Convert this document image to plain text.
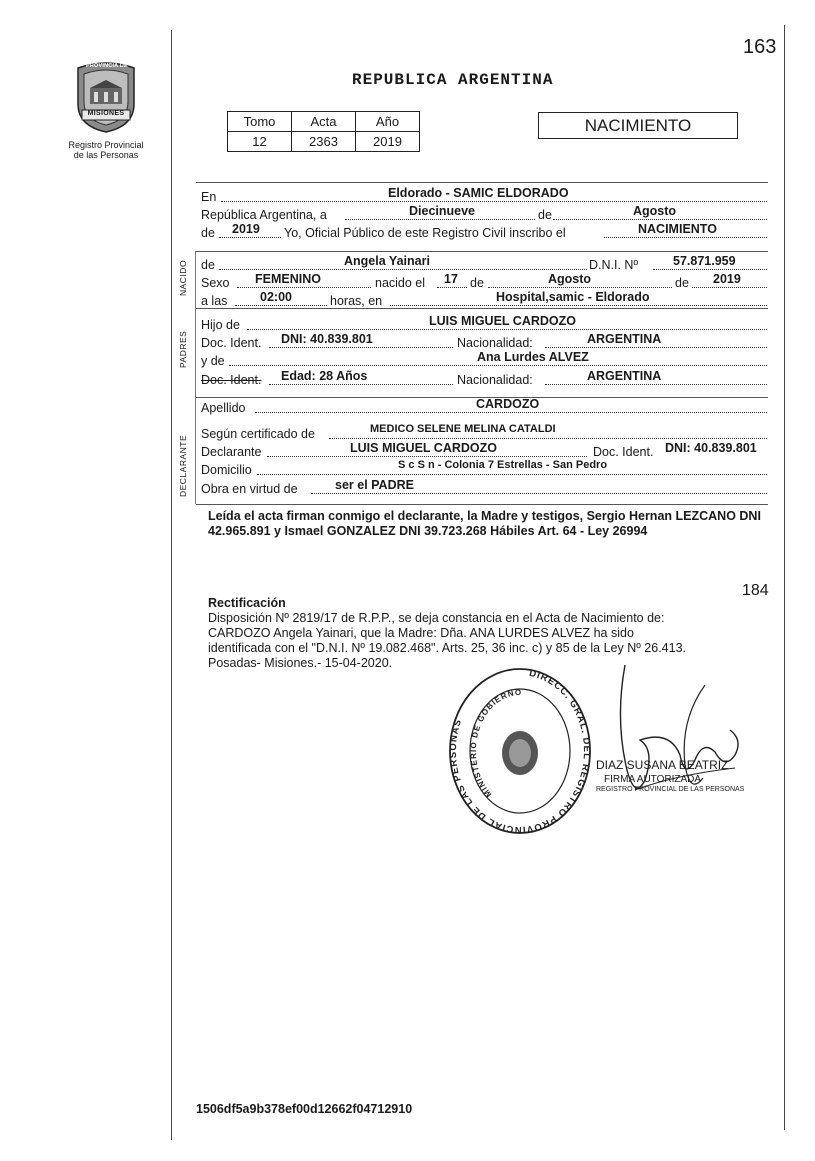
163
PROVINCIA DE
MISIONES
Registro Provincial
de las Personas
REPUBLICA ARGENTINA
Tomo	Acta	Año
12	2363	2019
NACIMIENTO
NACIDO
PADRES
DECLARANTE
En	Eldorado - SAMIC ELDORADO
República Argentina, a	Diecinueve	de	Agosto
de 2019 Yo, Oficial Público de este Registro Civil inscribo el	NACIMIENTO
de	Angela Yainari	D.N.I. Nº	57.871.959
Sexo FEMENINO	nacido el 17 de	Agosto	de 2019
a las	02:00	horas, en	Hospital,samic - Eldorado
Hijo de	LUIS MIGUEL CARDOZO
Doc. Ident. DNI: 40.839.801	Nacionalidad:	ARGENTINA
y de	Ana Lurdes ALVEZ
Doc. Ident. Edad: 28 Años	Nacionalidad:	ARGENTINA
Apellido	CARDOZO
Según certificado de	MEDICO SELENE MELINA CATALDI
Declarante	LUIS MIGUEL CARDOZO	Doc. Ident. DNI: 40.839.801
Domicilio	S c S n - Colonia 7 Estrellas - San Pedro
Obra en virtud de	ser el PADRE
Leída el acta firman conmigo el declarante, la Madre y testigos, Sergio Hernan LEZCANO DNI 42.965.891 y Ismael GONZALEZ DNI 39.723.268 Hábiles Art. 64 - Ley 26994
184
Rectificación
Disposición Nº 2819/17 de R.P.P., se deja constancia en el Acta de Nacimiento de:
CARDOZO Angela Yainari, que la Madre: Dña. ANA LURDES ALVEZ ha sido
identificada con el "D.N.I. Nº 19.082.468". Arts. 25, 36 inc. c) y 85 de la Ley Nº 26.413.
Posadas- Misiones.- 15-04-2020.
DIRECC. GRAL. DEL REGISTRO PROVINCIAL DE LAS PERSONAS
MINISTERIO DE GOBIERNO
DIAZ SUSANA BEATRIZ
FIRMA AUTORIZADA
REGISTRO PROVINCIAL DE LAS PERSONAS
1506df5a9b378ef00d12662f04712910
